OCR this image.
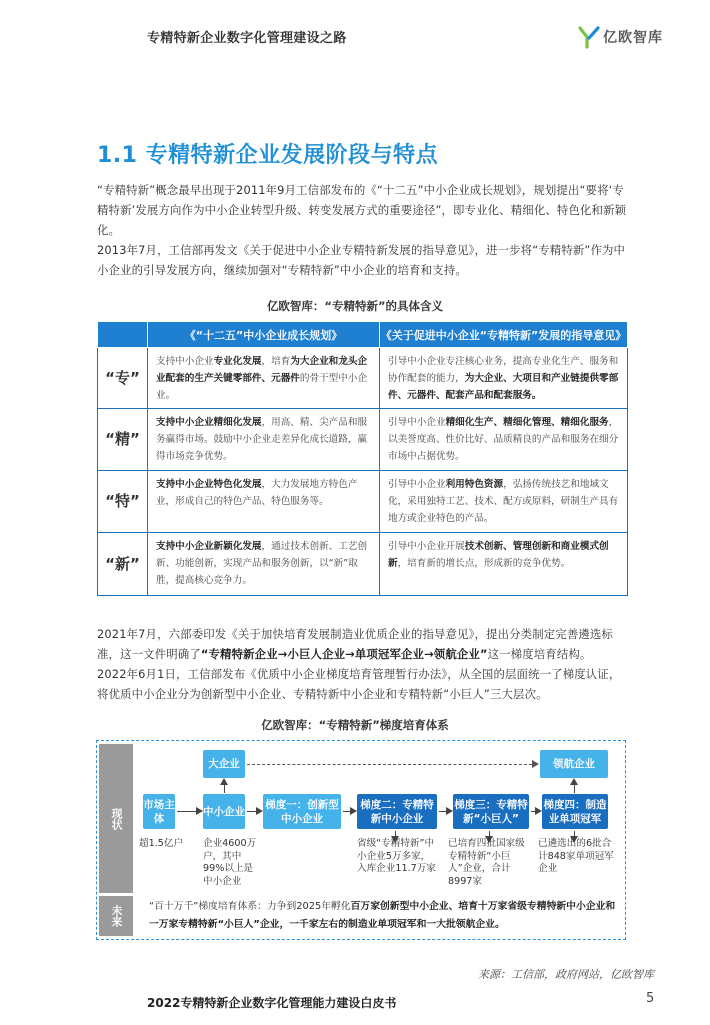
专精特新企业数字化管理建设之路	亿欧智库
1.1 专精特新企业发展阶段与特点

“专精特新”概念最早出现于2011年9月工信部发布的《“十二五”中小企业成长规划》，规划提出“要将‘专精特新’发展方向作为中小企业转型升级、转变发展方式的重要途径”，即专业化、精细化、特色化和新颖化。

2013年7月，工信部再发文《关于促进中小企业专精特新发展的指导意见》，进一步将“专精特新”作为中小企业的引导发展方向，继续加强对“专精特新”中小企业的培育和支持。

亿欧智库：“专精特新”的具体含义
	《“十二五”中小企业成长规划》	《关于促进中小企业“专精特新”发展的指导意见》
“专”	支持中小企业专业化发展，培育为大企业和龙头企业配套的生产关键零部件、元器件的骨干型中小企业。	引导中小企业专注核心业务，提高专业化生产、服务和协作配套的能力，为大企业、大项目和产业链提供零部件、元器件、配套产品和配套服务。
“精”	支持中小企业精细化发展，用高、精、尖产品和服务赢得市场。鼓励中小企业走差异化成长道路，赢得市场竞争优势。	引导中小企业精细化生产、精细化管理、精细化服务，以美誉度高、性价比好、品质精良的产品和服务在细分市场中占据优势。
“特”	支持中小企业特色化发展，大力发展地方特色产业，形成自己的特色产品、特色服务等。	引导中小企业利用特色资源，弘扬传统技艺和地域文化，采用独特工艺、技术、配方或原料，研制生产具有地方或企业特色的产品。
“新”	支持中小企业新颖化发展，通过技术创新、工艺创新、功能创新，实现产品和服务创新，以“新”取胜，提高核心竞争力。	引导中小企业开展技术创新、管理创新和商业模式创新，培育新的增长点，形成新的竞争优势。

2021年7月，六部委印发《关于加快培育发展制造业优质企业的指导意见》，提出分类制定完善遴选标准，这一文件明确了“专精特新企业→小巨人企业→单项冠军企业→领航企业”这一梯度培育结构。

2022年6月1日，工信部发布《优质中小企业梯度培育管理暂行办法》，从全国的层面统一了梯度认证，将优质中小企业分为创新型中小企业、专精特新中小企业和专精特新“小巨人”三大层次。

亿欧智库：“专精特新”梯度培育体系
现状
未来
大企业	领航企业
市场主体
中小企业
梯度一：创新型中小企业
梯度二：专精特新中小企业
梯度三：专精特新“小巨人”
梯度四：制造业单项冠军
超1.5亿户	企业4600万户，其中99%以上是中小企业
省级“专精特新”中小企业5万多家，入库企业11.7万家
已培育四批国家级专精特新“小巨人”企业，合计8997家
已遴选出的6批合计848家单项冠军企业
“百十万千”梯度培育体系：力争到2025年孵化百万家创新型中小企业、培育十万家省级专精特新中小企业和一万家专精特新“小巨人”企业，一千家左右的制造业单项冠军和一大批领航企业。
来源：工信部，政府网站，亿欧智库
2022专精特新企业数字化管理能力建设白皮书	5
